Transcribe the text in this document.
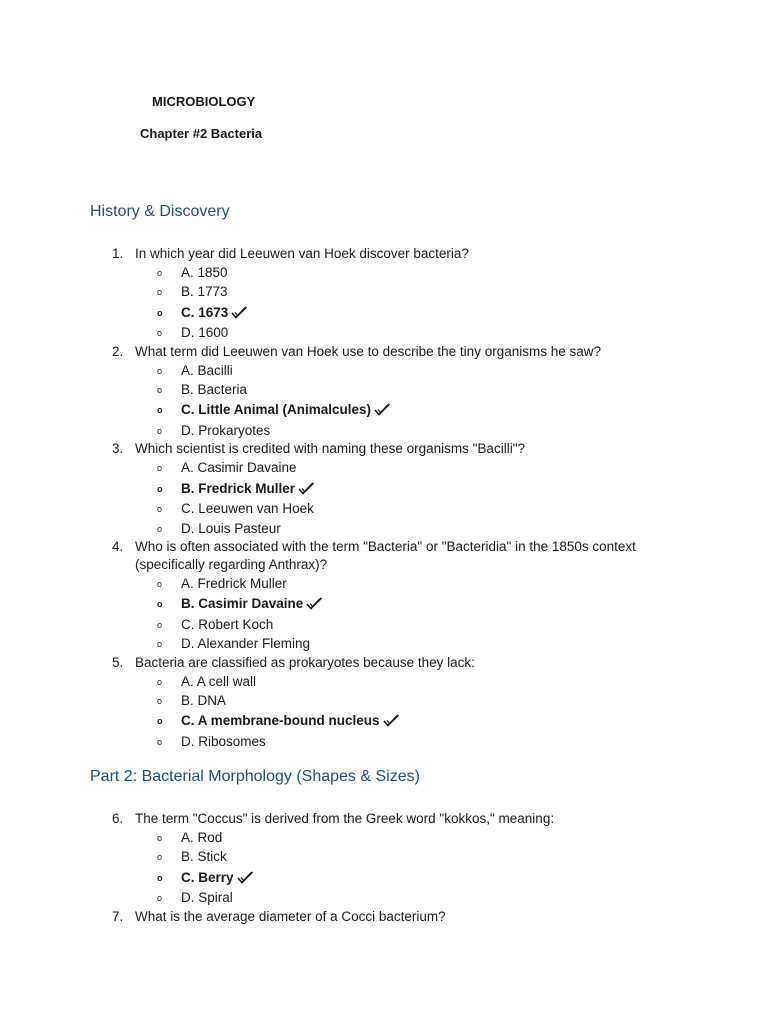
MICROBIOLOGY
Chapter #2 Bacteria
History & Discovery
1. In which year did Leeuwen van Hoek discover bacteria?
o A. 1850
o B. 1773
o C. 1673
o D. 1600
2. What term did Leeuwen van Hoek use to describe the tiny organisms he saw?
o A. Bacilli
o B. Bacteria
o C. Little Animal (Animalcules)
o D. Prokaryotes
3. Which scientist is credited with naming these organisms "Bacilli"?
o A. Casimir Davaine
o B. Fredrick Muller
o C. Leeuwen van Hoek
o D. Louis Pasteur
4. Who is often associated with the term "Bacteria" or "Bacteridia" in the 1850s context (specifically regarding Anthrax)?
o A. Fredrick Muller
o B. Casimir Davaine
o C. Robert Koch
o D. Alexander Fleming
5. Bacteria are classified as prokaryotes because they lack:
o A. A cell wall
o B. DNA
o C. A membrane-bound nucleus
o D. Ribosomes
Part 2: Bacterial Morphology (Shapes & Sizes)
6. The term "Coccus" is derived from the Greek word "kokkos," meaning:
o A. Rod
o B. Stick
o C. Berry
o D. Spiral
7. What is the average diameter of a Cocci bacterium?
